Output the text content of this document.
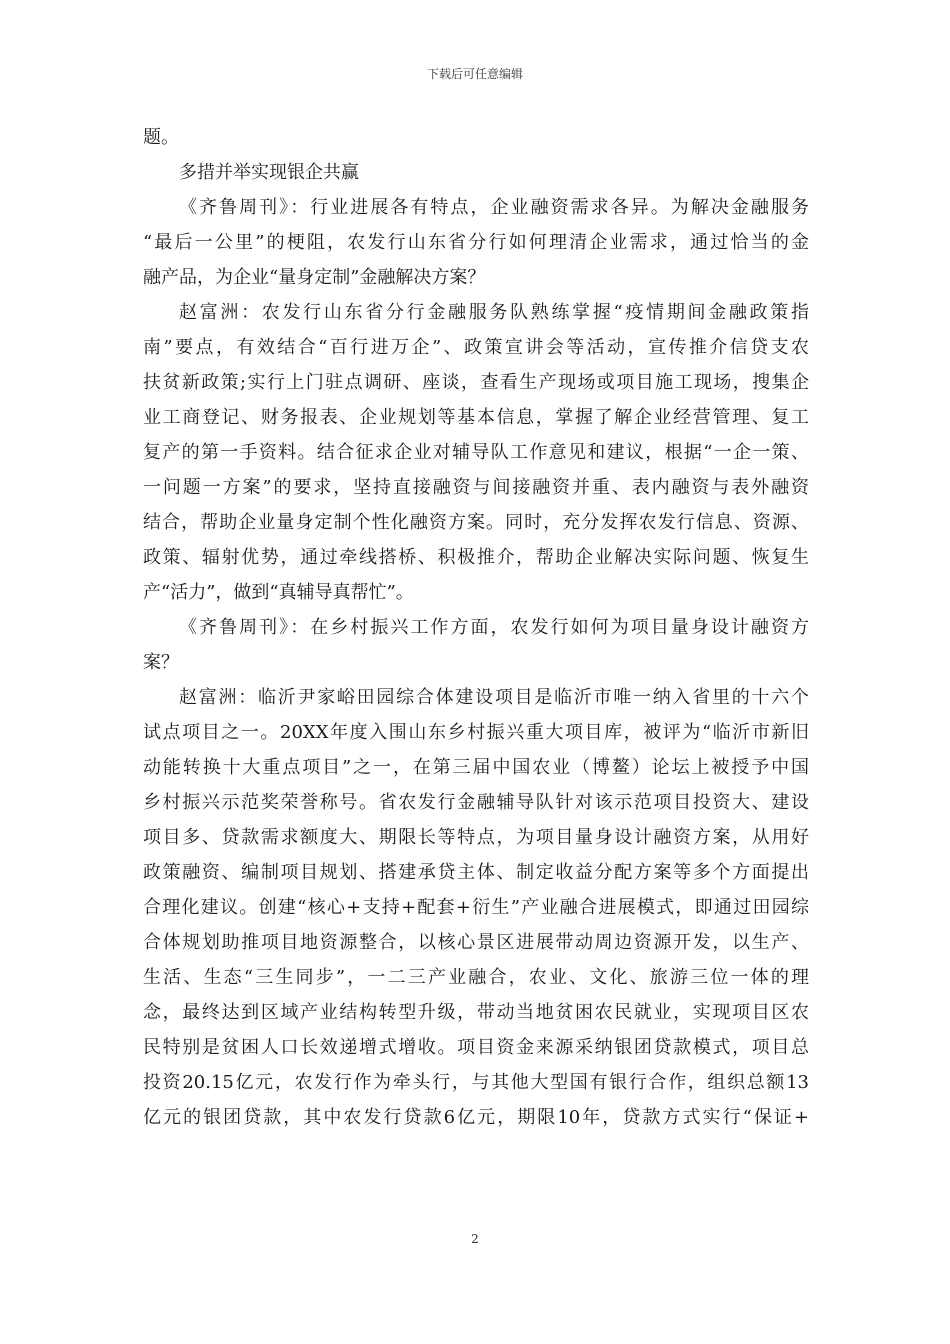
下载后可任意编辑
题。
多措并举实现银企共赢
《齐鲁周刊》：行业进展各有特点，企业融资需求各异。为解决金融服务
“最后一公里”的梗阻，农发行山东省分行如何理清企业需求，通过恰当的金
融产品，为企业“量身定制”金融解决方案？
赵富洲：农发行山东省分行金融服务队熟练掌握“疫情期间金融政策指
南”要点，有效结合“百行进万企”、政策宣讲会等活动，宣传推介信贷支农
扶贫新政策;实行上门驻点调研、座谈，查看生产现场或项目施工现场，搜集企
业工商登记、财务报表、企业规划等基本信息，掌握了解企业经营管理、复工
复产的第一手资料。结合征求企业对辅导队工作意见和建议，根据“一企一策、
一问题一方案”的要求，坚持直接融资与间接融资并重、表内融资与表外融资
结合，帮助企业量身定制个性化融资方案。同时，充分发挥农发行信息、资源、
政策、辐射优势，通过牵线搭桥、积极推介，帮助企业解决实际问题、恢复生
产“活力”，做到“真辅导真帮忙”。
《齐鲁周刊》：在乡村振兴工作方面，农发行如何为项目量身设计融资方
案？
赵富洲：临沂尹家峪田园综合体建设项目是临沂市唯一纳入省里的十六个
试点项目之一。20XX年度入围山东乡村振兴重大项目库，被评为“临沂市新旧
动能转换十大重点项目”之一，在第三届中国农业（博鳌）论坛上被授予中国
乡村振兴示范奖荣誉称号。省农发行金融辅导队针对该示范项目投资大、建设
项目多、贷款需求额度大、期限长等特点，为项目量身设计融资方案，从用好
政策融资、编制项目规划、搭建承贷主体、制定收益分配方案等多个方面提出
合理化建议。创建“核心+支持+配套+衍生”产业融合进展模式，即通过田园综
合体规划助推项目地资源整合，以核心景区进展带动周边资源开发，以生产、
生活、生态“三生同步”，一二三产业融合，农业、文化、旅游三位一体的理
念，最终达到区域产业结构转型升级，带动当地贫困农民就业，实现项目区农
民特别是贫困人口长效递增式增收。项目资金来源采纳银团贷款模式，项目总
投资20.15亿元，农发行作为牵头行，与其他大型国有银行合作，组织总额13
亿元的银团贷款，其中农发行贷款6亿元，期限10年，贷款方式实行“保证+
2
